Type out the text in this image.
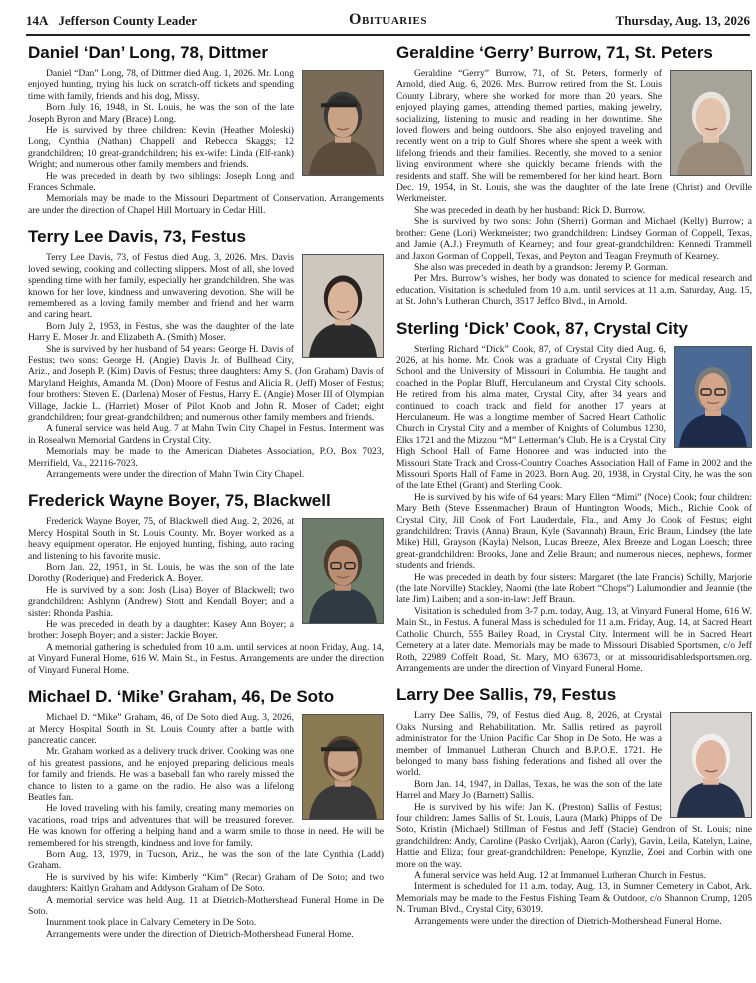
14A Jefferson County Leader	Obituaries	Thursday, Aug. 13, 2026
Daniel ‘Dan’ Long, 78, Dittmer

Daniel “Dan” Long, 78, of Dittmer died Aug. 1, 2026. Mr. Long enjoyed hunting, trying his luck on scratch-off tickets and spending time with family, friends and his dog, Missy.

Born July 16, 1948, in St. Louis, he was the son of the late Joseph Byron and Mary (Brace) Long.

He is survived by three children: Kevin (Heather Moleski) Long, Cynthia (Nathan) Chappell and Rebecca Skaggs; 12 grandchildren; 10 great-grandchildren; his ex-wife: Linda (Elf-rank) Wright; and numerous other family members and friends.

He was preceded in death by two siblings: Joseph Long and Frances Schmale.

Memorials may be made to the Missouri Department of Conservation. Arrangements are under the direction of Chapel Hill Mortuary in Cedar Hill.

Terry Lee Davis, 73, Festus

Terry Lee Davis, 73, of Festus died Aug. 3, 2026. Mrs. Davis loved sewing, cooking and collecting slippers. Most of all, she loved spending time with her family, especially her grandchildren. She was known for her love, kindness and unwavering devotion. She will be remembered as a loving family member and friend and her warm and caring heart.

Born July 2, 1953, in Festus, she was the daughter of the late Harry E. Moser Jr. and Elizabeth A. (Smith) Moser.

She is survived by her husband of 54 years: George H. Davis of Festus; two sons: George H. (Angie) Davis Jr. of Bullhead City, Ariz., and Joseph P. (Kim) Davis of Festus; three daughters: Amy S. (Jon Graham) Davis of Maryland Heights, Amanda M. (Don) Moore of Festus and Alicia R. (Jeff) Moser of Festus; four brothers: Steven E. (Darlena) Moser of Festus, Harry E. (Angie) Moser III of Olympian Village, Jackie L. (Harriet) Moser of Pilot Knob and John R. Moser of Cadet; eight grandchildren; four great-grandchildren; and numerous other family members and friends.

A funeral service was held Aug. 7 at Mahn Twin City Chapel in Festus. Interment was in Rosealwn Memorial Gardens in Crystal City.

Memorials may be made to the American Diabetes Association, P.O. Box 7023, Merrifield, Va., 22116-7023.

Arrangements were under the direction of Mahn Twin City Chapel.

Frederick Wayne Boyer, 75, Blackwell

Frederick Wayne Boyer, 75, of Blackwell died Aug. 2, 2026, at Mercy Hospital South in St. Louis County. Mr. Boyer worked as a heavy equipment operator. He enjoyed hunting, fishing, auto racing and listening to his favorite music.

Born Jan. 22, 1951, in St. Louis, he was the son of the late Dorothy (Roderique) and Frederick A. Boyer.

He is survived by a son: Josh (Lisa) Boyer of Blackwell; two grandchildren: Ashlynn (Andrew) Stott and Kendall Boyer; and a sister: Rhonda Pashia.

He was preceded in death by a daughter: Kasey Ann Boyer; a brother: Joseph Boyer; and a sister: Jackie Boyer.

A memorial gathering is scheduled from 10 a.m. until services at noon Friday, Aug. 14, at Vinyard Funeral Home, 616 W. Main St., in Festus. Arrangements are under the direction of Vinyard Funeral Home.

Michael D. ‘Mike’ Graham, 46, De Soto

Michael D. “Mike” Graham, 46, of De Soto died Aug. 3, 2026, at Mercy Hospital South in St. Louis County after a battle with pancreatic cancer.

Mr. Graham worked as a delivery truck driver. Cooking was one of his greatest passions, and he enjoyed preparing delicious meals for family and friends. He was a baseball fan who rarely missed the chance to listen to a game on the radio. He also was a lifelong Beatles fan.

He loved traveling with his family, creating many memories on vacations, road trips and adventures that will be treasured forever. He was known for offering a helping hand and a warm smile to those in need. He will be remembered for his strength, kindness and love for family.

Born Aug. 13, 1979, in Tucson, Ariz., he was the son of the late Cynthia (Ladd) Graham.

He is survived by his wife: Kimberly “Kim” (Recar) Graham of De Soto; and two daughters: Kaitlyn Graham and Addyson Graham of De Soto.

A memorial service was held Aug. 11 at Dietrich-Mothershead Funeral Home in De Soto.

Inurnment took place in Calvary Cemetery in De Soto.

Arrangements were under the direction of Dietrich-Mothershead Funeral Home.

Geraldine ‘Gerry’ Burrow, 71, St. Peters

Geraldine “Gerry” Burrow, 71, of St. Peters, formerly of Arnold, died Aug. 6, 2026. Mrs. Burrow retired from the St. Louis County Library, where she worked for more than 20 years. She enjoyed playing games, attending themed parties, making jewelry, socializing, listening to music and reading in her downtime. She loved flowers and being outdoors. She also enjoyed traveling and recently went on a trip to Gulf Shores where she spent a week with lifelong friends and their families. Recently, she moved to a senior living environment where she quickly became friends with the residents and staff. She will be remembered for her kind heart. Born Dec. 19, 1954, in St. Louis, she was the daughter of the late Irene (Christ) and Orville Werkmeister.

She was preceded in death by her husband: Rick D. Burrow.

She is survived by two sons: John (Sherri) Gorman and Michael (Kelly) Burrow; a brother: Gene (Lori) Werkmeister; two grandchildren: Lindsey Gorman of Coppell, Texas, and Jamie (A.J.) Freymuth of Kearney; and four great-grandchildren: Kennedi Trammell and Jaxon Gorman of Coppell, Texas, and Peyton and Teagan Freymuth of Kearney.

She also was preceded in death by a grandson: Jeremy P. Gorman.

Per Mrs. Burrow’s wishes, her body was donated to science for medical research and education. Visitation is scheduled from 10 a.m. until services at 11 a.m. Saturday, Aug. 15, at St. John’s Lutheran Church, 3517 Jeffco Blvd., in Arnold.

Sterling ‘Dick’ Cook, 87, Crystal City

Sterling Richard “Dick” Cook, 87, of Crystal City died Aug. 6, 2026, at his home. Mr. Cook was a graduate of Crystal City High School and the University of Missouri in Columbia. He taught and coached in the Poplar Bluff, Herculaneum and Crystal City schools. He retired from his alma mater, Crystal City, after 34 years and continued to coach track and field for another 17 years at Herculaneum. He was a longtime member of Sacred Heart Catholic Church in Crystal City and a member of Knights of Columbus 1230, Elks 1721 and the Mizzou “M” Letterman’s Club. He is a Crystal City High School Hall of Fame Honoree and was inducted into the Missouri State Track and Cross-Country Coaches Association Hall of Fame in 2002 and the Missouri Sports Hall of Fame in 2023. Born Aug. 20, 1938, in Crystal City, he was the son of the late Ethel (Grant) and Sterling Cook.

He is survived by his wife of 64 years: Mary Ellen “Mimi” (Noce) Cook; four children: Mary Beth (Steve Essenmacher) Braun of Huntington Woods, Mich., Richie Cook of Crystal City, Jill Cook of Fort Lauderdale, Fla., and Amy Jo Cook of Festus; eight grandchildren: Travis (Anna) Braun, Kyle (Savannah) Braun, Eric Braun, Lindsey (the late Mike) Hill, Grayson (Kayla) Nelson, Lucas Breeze, Alex Breeze and Logan Loesch; three great-grandchildren: Brooks, Jane and Zelie Braun; and numerous nieces, nephews, former students and friends.

He was preceded in death by four sisters: Margaret (the late Francis) Schilly, Marjorie (the late Norville) Stackley, Naomi (the late Robert “Chops”) Lalumondier and Jeannie (the late Jim) Laiben; and a son-in-law: Jeff Braun.

Visitation is scheduled from 3-7 p.m. today, Aug. 13, at Vinyard Funeral Home, 616 W. Main St., in Festus. A funeral Mass is scheduled for 11 a.m. Friday, Aug. 14, at Sacred Heart Catholic Church, 555 Bailey Road, in Crystal City. Interment will be in Sacred Heart Cemetery at a later date. Memorials may be made to Missouri Disabled Sportsmen, c/o Jeff Roth, 22989 Coffelt Road, St. Mary, MO 63673, or at missouridisabledsportsmen.org. Arrangements are under the direction of Vinyard Funeral Home.

Larry Dee Sallis, 79, Festus

Larry Dee Sallis, 79, of Festus died Aug. 8, 2026, at Crystal Oaks Nursing and Rehabilitation. Mr. Sallis retired as payroll administrator for the Union Pacific Car Shop in De Soto. He was a member of Immanuel Lutheran Church and B.P.O.E. 1721. He belonged to many bass fishing federations and fished all over the world.

Born Jan. 14, 1947, in Dallas, Texas, he was the son of the late Harrel and Mary Jo (Barnett) Sallis.

He is survived by his wife: Jan K. (Preston) Sallis of Festus; four children: James Sallis of St. Louis, Laura (Mark) Phipps of De Soto, Kristin (Michael) Stillman of Festus and Jeff (Stacie) Gendron of St. Louis; nine grandchildren: Andy, Caroline (Pasko Cvrljak), Aaron (Carly), Gavin, Leila, Katelyn, Laine, Hattie and Eliza; four great-grandchildren: Penelope, Kynzlie, Zoei and Corbin with one more on the way.

A funeral service was held Aug. 12 at Immanuel Lutheran Church in Festus.

Interment is scheduled for 11 a.m. today, Aug. 13, in Sumner Cemetery in Cabot, Ark. Memorials may be made to the Festus Fishing Team & Outdoor, c/o Shannon Crump, 1205 N. Truman Blvd., Crystal City, 63019.

Arrangements were under the direction of Dietrich-Mothershead Funeral Home.
